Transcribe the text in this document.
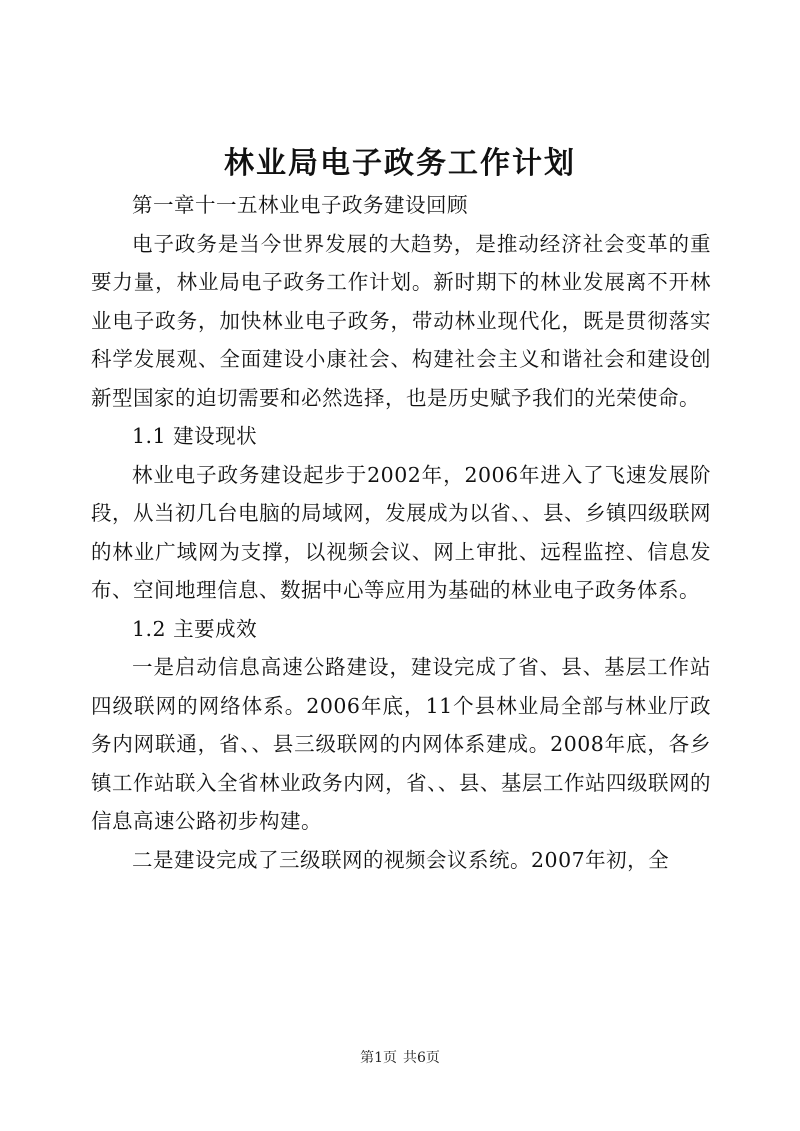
林业局电子政务工作计划

第一章十一五林业电子政务建设回顾

电子政务是当今世界发展的大趋势，是推动经济社会变革的重要力量，林业局电子政务工作计划。新时期下的林业发展离不开林业电子政务，加快林业电子政务，带动林业现代化，既是贯彻落实科学发展观、全面建设小康社会、构建社会主义和谐社会和建设创新型国家的迫切需要和必然选择，也是历史赋予我们的光荣使命。

1.1 建设现状

林业电子政务建设起步于2002年，2006年进入了飞速发展阶段，从当初几台电脑的局域网，发展成为以省、、县、乡镇四级联网的林业广域网为支撑，以视频会议、网上审批、远程监控、信息发布、空间地理信息、数据中心等应用为基础的林业电子政务体系。

1.2 主要成效

一是启动信息高速公路建设，建设完成了省、县、基层工作站四级联网的网络体系。2006年底，11个县林业局全部与林业厅政务内网联通，省、、县三级联网的内网体系建成。2008年底，各乡镇工作站联入全省林业政务内网，省、、县、基层工作站四级联网的信息高速公路初步构建。

二是建设完成了三级联网的视频会议系统。2007年初，全

第1页 共6页
